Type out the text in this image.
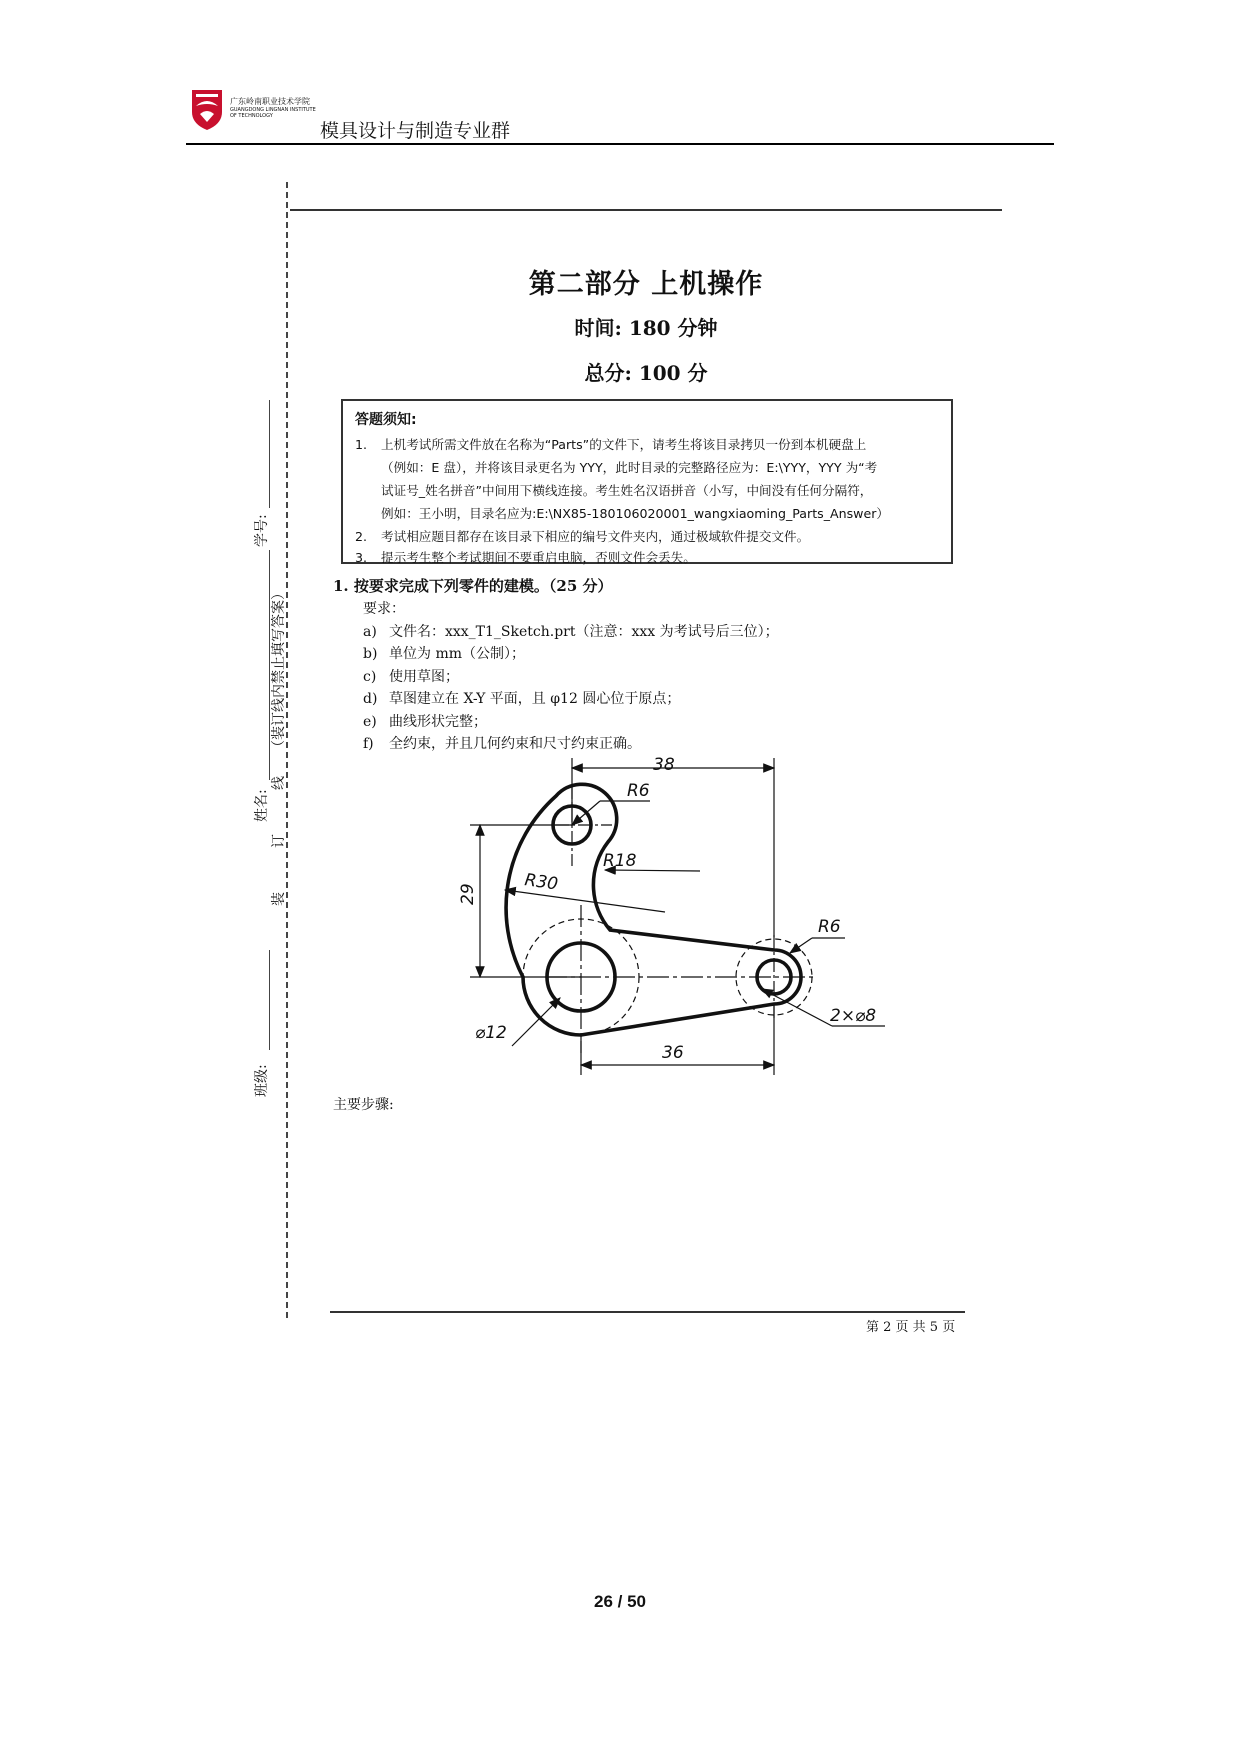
广东岭南职业技术学院
GUANGDONG LINGNAN INSTITUTE OF TECHNOLOGY
模具设计与制造专业群
学号:
（装订线内禁止填写答案）
姓名:
线
订
装
班级:
第二部分 上机操作
时间: 180 分钟
总分: 100 分
答题须知:
1. 上机考试所需文件放在名称为“Parts”的文件下，请考生将该目录拷贝一份到本机硬盘上
（例如：E 盘），并将该目录更名为 YYY，此时目录的完整路径应为：E:\YYY，YYY 为“考
试证号_姓名拼音”中间用下横线连接。考生姓名汉语拼音（小写，中间没有任何分隔符，
例如：王小明，目录名应为:E:\NX85-180106020001_wangxiaoming_Parts_Answer）
2. 考试相应题目都存在该目录下相应的编号文件夹内，通过极域软件提交文件。
3. 提示考生整个考试期间不要重启电脑，否则文件会丢失。
1. 按要求完成下列零件的建模。（25 分）
要求：
a) 文件名：xxx_T1_Sketch.prt（注意：xxx 为考试号后三位）；
b) 单位为 mm（公制）；
c) 使用草图；
d) 草图建立在 X-Y 平面，且 φ12 圆心位于原点；
e) 曲线形状完整；
f) 全约束，并且几何约束和尺寸约束正确。
38
R6
R18
R30
29
R6
2×⌀8
⌀12
36
主要步骤:
第 2 页 共 5 页
26 / 50
